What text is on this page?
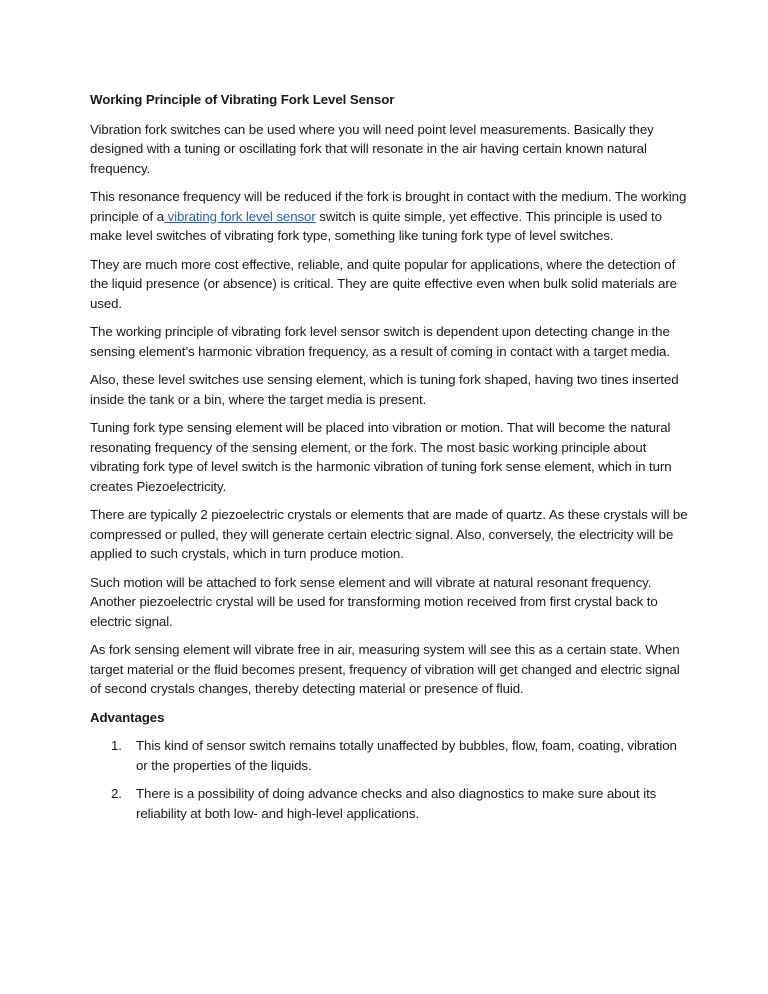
Working Principle of Vibrating Fork Level Sensor

Vibration fork switches can be used where you will need point level measurements. Basically they designed with a tuning or oscillating fork that will resonate in the air having certain known natural frequency.

This resonance frequency will be reduced if the fork is brought in contact with the medium. The working principle of a vibrating fork level sensor switch is quite simple, yet effective. This principle is used to make level switches of vibrating fork type, something like tuning fork type of level switches.

They are much more cost effective, reliable, and quite popular for applications, where the detection of the liquid presence (or absence) is critical. They are quite effective even when bulk solid materials are used.

The working principle of vibrating fork level sensor switch is dependent upon detecting change in the sensing element’s harmonic vibration frequency, as a result of coming in contact with a target media.

Also, these level switches use sensing element, which is tuning fork shaped, having two tines inserted inside the tank or a bin, where the target media is present.

Tuning fork type sensing element will be placed into vibration or motion. That will become the natural resonating frequency of the sensing element, or the fork. The most basic working principle about vibrating fork type of level switch is the harmonic vibration of tuning fork sense element, which in turn creates Piezoelectricity.

There are typically 2 piezoelectric crystals or elements that are made of quartz. As these crystals will be compressed or pulled, they will generate certain electric signal. Also, conversely, the electricity will be applied to such crystals, which in turn produce motion.

Such motion will be attached to fork sense element and will vibrate at natural resonant frequency. Another piezoelectric crystal will be used for transforming motion received from first crystal back to electric signal.

As fork sensing element will vibrate free in air, measuring system will see this as a certain state. When target material or the fluid becomes present, frequency of vibration will get changed and electric signal of second crystals changes, thereby detecting material or presence of fluid.

Advantages
1. This kind of sensor switch remains totally unaffected by bubbles, flow, foam, coating, vibration or the properties of the liquids.
2. There is a possibility of doing advance checks and also diagnostics to make sure about its reliability at both low- and high-level applications.
